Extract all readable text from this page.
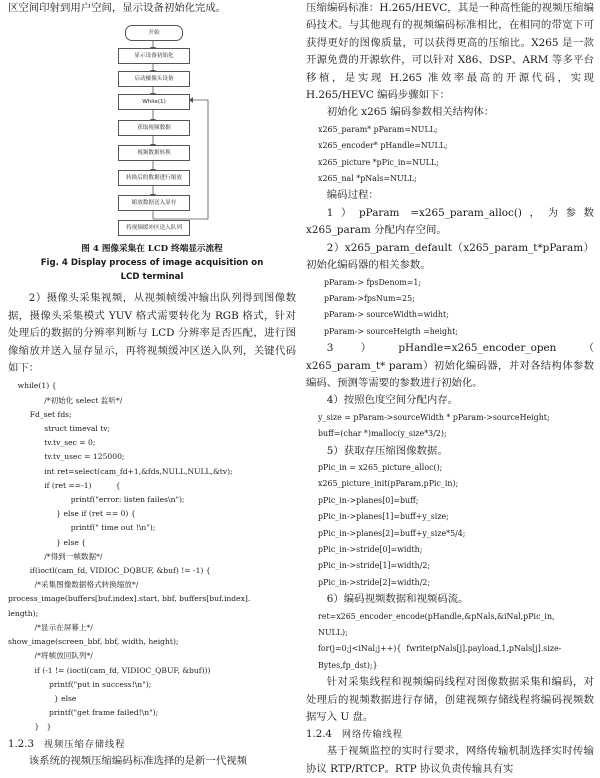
区空间印射到用户空间，显示设备初始化完成。

开始
显示设备初始化
启动摄像头设备
While(1)
获取视频数据
视频数据转换
转换后的数据进行缩放
缩放数据送入显存
将视频缓冲区送入队列

图 4 图像采集在 LCD 终端显示流程

Fig. 4 Display process of image acquisition on

LCD terminal

2）摄像头采集视频，从视频帧缓冲输出队列得到图像数据，摄像头采集模式 YUV 格式需要转化为 RGB 格式，针对处理后的数据的分辨率判断与 LCD 分辨率是否匹配，进行图像缩放并送入显存显示，再将视频缓冲区送入队列，关键代码如下：

while(1) {
/*初始化 select 监听*/
Fd_set fds;
struct timeval tv;
tv.tv_sec = 0;
tv.tv_usec = 125000;
int ret=select(cam_fd+1,&fds,NULL,NULL,&tv);
if (ret ==-1)          {
printf("error: listen failes\n");
} else if (ret == 0) {
printf(" time out !\n");
} else {
/*得到一帧数据*/
if(ioctl(cam_fd, VIDIOC_DQBUF, &buf) != -1) {
/*采集图像数据格式转换缩放*/
process_image(buffers[buf.index].start, bbf, buffers[buf.index].
length);
/*显示在屏幕上*/
show_image(screen_bbf, bbf, width, height);
/*将帧放回队列*/
if (-1 != (ioctl(cam_fd, VIDIOC_QBUF, &buf)))
printf("put in success!\n");
} else
printf("get frame failed!\n");
}   }

1.2.3 视频压缩存储线程

该系统的视频压缩编码标准选择的是新一代视频

压缩编码标准：H.265/HEVC，其是一种高性能的视频压缩编码技术。与其他现有的视频编码标准相比，在相同的带宽下可获得更好的图像质量，可以获得更高的压缩比。X265 是一款开源免费的开源软件，可以针对 X86、DSP、ARM 等多平台移植，是实现 H.265 准效率最高的开源代码，实现 H.265/HEVC 编码步骤如下：

初始化 x265 编码参数相关结构体：

x265_param* pParam=NULL;
x265_encoder* pHandle=NULL;
x265_picture *pPic_in=NULL;
x265_nal *pNals=NULL;

编码过程：

1）pParam =x265_param_alloc()，为参数 x265_param 分配内存空间。

2）x265_param_default（x265_param_t*pParam）初始化编码器的相关参数。

pParam-> fpsDenom=1;
pParam->fpsNum=25;
pParam-> sourceWidth=widht;
pParam-> sourceHeigth =height;

3）pHandle=x265_encoder_open（ x265_param_t* param）初始化编码器，并对各结构体参数编码、预测等需要的参数进行初始化。

4）按照色度空间分配内存。

y_size = pParam->sourceWidth * pParam->sourceHeight;
buff=(char *)malloc(y_size*3/2);

5）获取存压缩图像数据。

pPic_in = x265_picture_alloc();
x265_picture_init(pParam,pPic_in);
pPic_in->planes[0]=buff;
pPic_in->planes[1]=buff+y_size;
pPic_in->planes[2]=buff+y_size*5/4;
pPic_in->stride[0]=width;
pPic_in->stride[1]=width/2;
pPic_in->stride[2]=width/2;

6）编码视频数据和视频码流。

ret=x265_encoder_encode(pHandle,&pNals,&iNal,pPic_in,
NULL);
for(j=0;j<iNal;j++){  fwrite(pNals[j].payload,1,pNals[j].size-
Bytes,fp_dst);}

针对采集线程和视频编码线程对图像数据采集和编码，对处理后的视频数据进行存储，创建视频存储线程将编码视频数据写入 U 盘。

1.2.4 网络传输线程

基于视频监控的实时行要求，网络传输机制选择实时传输协议 RTP/RTCP。RTP 协议负责传输具有实
